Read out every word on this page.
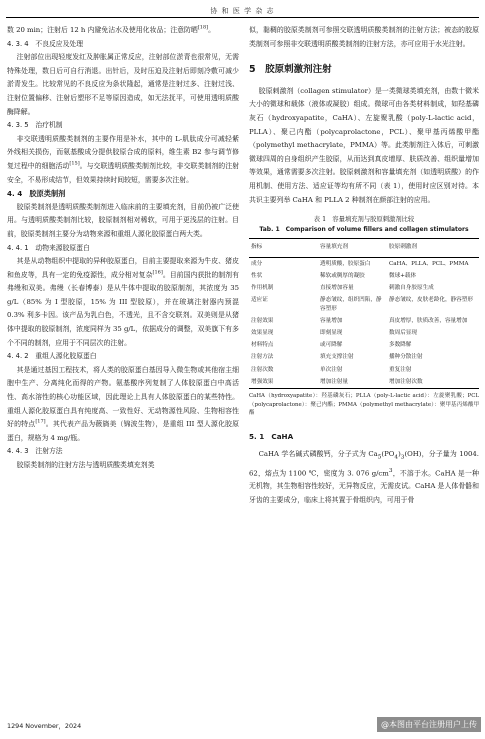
协 和 医 学 杂 志

数 20 min；注射后 12 h 内避免沾水及使用化妆品；注意防晒[18]。

4. 3. 4　不良反应及处理

注射部位出现轻度发红及肿胀属正常反应，注射部位淤青也很常见，无需特殊处理，数日后可自行消退。出针后，及时压迫及注射后即刻冷敷可减少淤青发生。比较常见的不良反应为条状隆起，通常是注射过多、注射过浅、注射位置偏移、注射后塑形不足等原因造成，如无法抚平，可使用透明质酸酶降解。

4. 3. 5　治疗机制

非交联透明质酸类制剂的主要作用是补水，其中的 L-肌肽成分可减轻紫外线相关损伤，而氨基酸成分提供胶原合成的原料，维生素 B2 参与调节修复过程中的细胞活动[15]。与交联透明质酸类制剂比较，非交联类制剂的注射安全，不易形成结节，但效果持续时间较短，需要多次注射。

4. 4　胶原类制剂

胶原类制剂是透明质酸类制剂进入临床前的主要填充剂，目前仍被广泛使用。与透明质酸类制剂比较，胶原制剂相对稀软，可用于更浅层的注射。目前，胶原类制剂主要分为动物来源和重组人源化胶原蛋白两大类。

4. 4. 1　动物来源胶原蛋白

其是从动物组织中提取的异种胶原蛋白，目前主要提取来源为牛皮、猪皮和鱼皮等，具有一定的免疫源性，成分相对复杂[16]。目前国内获批的制剂有弗缦和双美。弗缦（长春博泰）是从牛体中提取的胶原制剂，其浓度为 35 g/L（85% 为 I 型胶原，15% 为 III 型胶原），并在玻璃注射器内预混 0.3% 利多卡因。该产品为乳白色，不透光，且不含交联剂。双美则是从猪体中提取的胶原制剂，浓度同样为 35 g/L，依据成分的调整，双美旗下有多个不同的制剂，应用于不同层次的注射。

4. 4. 2　重组人源化胶原蛋白

其是通过基因工程技术，将人类的胶原蛋白基因导入微生物或其他宿主细胞中生产、分离纯化而得的产物。氨基酸序列复制了人体胶原蛋白中高活性、高水溶性的核心功能区域，因此理论上具有人体胶原蛋白的某些特性。重组人源化胶原蛋白具有纯度高、一致性好、无动物源性风险、生物相容性好的特点[17]。其代表产品为薇旖美（锦波生物），是重组 III 型人源化胶原蛋白，规格为 4 mg/瓶。

4. 4. 3　注射方法

胶原类制剂的注射方法与透明质酸类填充剂类

似，黏稠的胶原类制剂可参照交联透明质酸类制剂的注射方法；被态的胶原类制剂可参照非交联透明质酸类制剂的注射方法，亦可应用于水光注射。

5　胶原刺激剂注射

胶原刺激剂（collagen stimulator）是一类微球类填充剂，由数十微米大小的微球和载体（液体或凝胶）组成。微球可由各类材料制成，如羟基磷灰石（hydroxyapatite，CaHA）、左旋聚乳酸（poly-L-lactic acid，PLLA）、聚己内酯（polycaprolactone，PCL）、聚甲基丙烯酸甲酯（polymethyl methacrylate，PMMA）等。此类制剂注入体后，可刺激微球四周的自身组织产生胶原，从而达到真皮增厚、肤质改善、组织量增加等效果，通常需要多次注射。胶原刺激剂和容量填充剂（如透明质酸）的作用机制、使用方法、适应证等均有所不同（表 1），使用时应区别对待。本共识主要列举 CaHA 和 PLLA 2 种制剂在颜部注射的应用。

表 1　容量填充剂与胶原刺激剂比较
Tab. 1　Comparison of volume fillers and collagen stimulators
指标	容量填充剂	胶原刺激剂
成分	透明质酸，胶原蛋白	CaHA、PLLA、PCL、PMMA
性状	稀软或稠厚的凝胶	微球+载体
作用机制	直接增加容量	刺激自身胶原生成
适应证	静态皱纹，组织凹陷，静容塑形	静态皱纹，皮肤老龄化，静容塑形
注射效果	容量增加	真皮增厚，肤质改善，容量增加
效果显现	即刻显现	数周后显现
材料特点	或可降解	多数降解
注射方法	填充支撑注射	播种分散注射
注射次数	单次注射	重复注射
增强效果	增加注射量	增加注射次数
CaHA（hydroxyapatite）：羟基磷灰石；PLLA（poly-L-lactic acid）：左旋聚乳酸；PCL（polycaprolactone）：聚己内酯；PMMA（polymethyl methacrylate）：聚甲基丙烯酸甲酯
5. 1　CaHA

CaHA 学名碱式磷酸钙，分子式为 $Ca_5(PO_4)_3(OH)$，分子量为 1004. 62，熔点为 1100 ℃，密度为 3. 076 $g/cm^3$，不溶于水。CaHA 是一种无机物，其生物相容性较好，无异物反应，无需皮试。CaHA 是人体骨骼和牙齿的主要成分，临床上将其置于骨组织内，可用于骨

1294 November，2024	@本图由平台注册用户上传
